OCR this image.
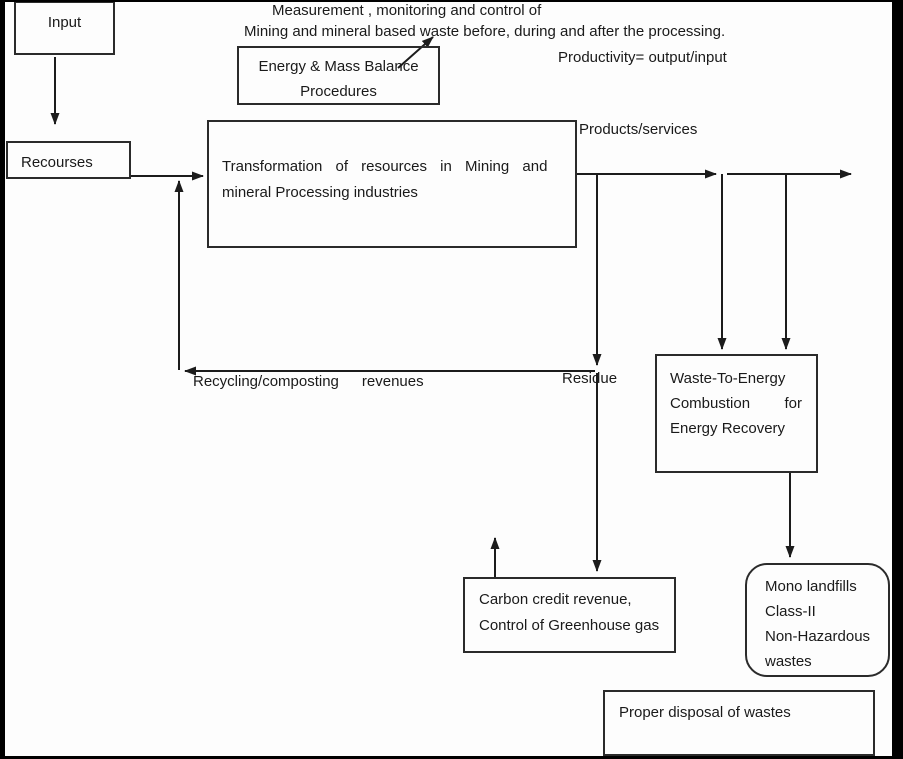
Measurement , monitoring and control of
Mining and mineral based waste before, during and after the processing.
Productivity= output/input
Products/services
Recycling/composting revenues	Residue
Input
Recourses
Energy & Mass Balance
Procedures
Transformation of resources in Mining and
mineral Processing industries
Waste-To-Energy
Combustion for
Energy Recovery
Carbon credit revenue,
Control of Greenhouse gas
Mono landfills
Class-II
Non-Hazardous
wastes
Proper disposal of wastes
